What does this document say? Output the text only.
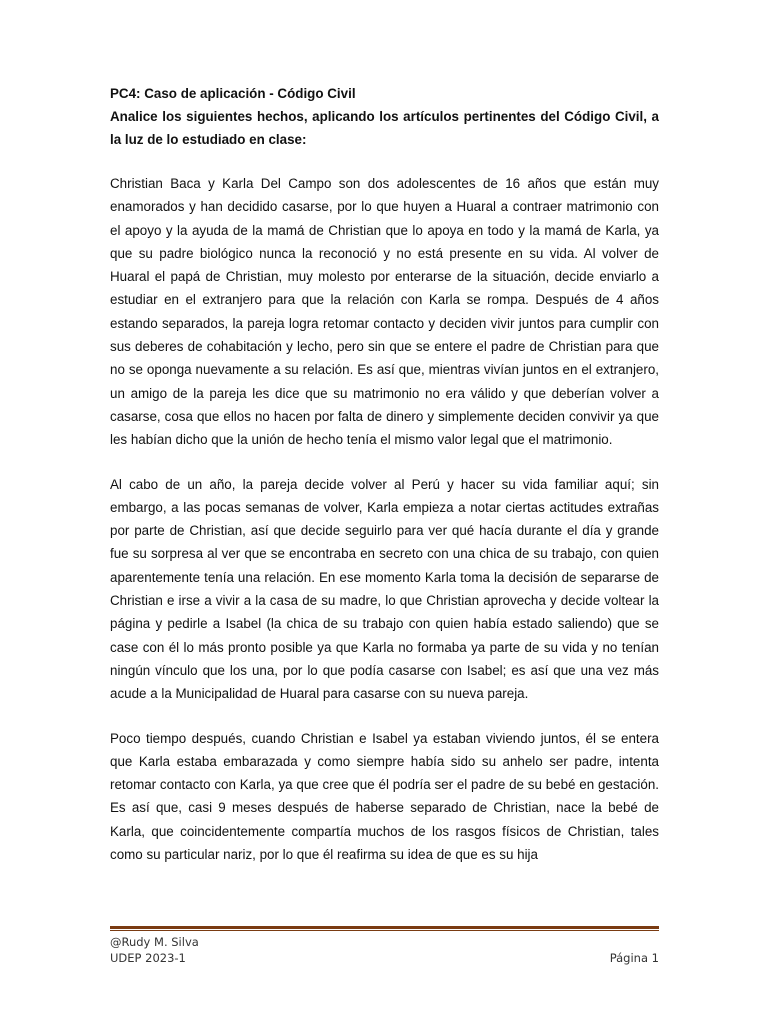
PC4: Caso de aplicación - Código Civil

Analice los siguientes hechos, aplicando los artículos pertinentes del Código Civil, a la luz de lo estudiado en clase:

Christian Baca y Karla Del Campo son dos adolescentes de 16 años que están muy enamorados y han decidido casarse, por lo que huyen a Huaral a contraer matrimonio con el apoyo y la ayuda de la mamá de Christian que lo apoya en todo y la mamá de Karla, ya que su padre biológico nunca la reconoció y no está presente en su vida. Al volver de Huaral el papá de Christian, muy molesto por enterarse de la situación, decide enviarlo a estudiar en el extranjero para que la relación con Karla se rompa. Después de 4 años estando separados, la pareja logra retomar contacto y deciden vivir juntos para cumplir con sus deberes de cohabitación y lecho, pero sin que se entere el padre de Christian para que no se oponga nuevamente a su relación. Es así que, mientras vivían juntos en el extranjero, un amigo de la pareja les dice que su matrimonio no era válido y que deberían volver a casarse, cosa que ellos no hacen por falta de dinero y simplemente deciden convivir ya que les habían dicho que la unión de hecho tenía el mismo valor legal que el matrimonio.

Al cabo de un año, la pareja decide volver al Perú y hacer su vida familiar aquí; sin embargo, a las pocas semanas de volver, Karla empieza a notar ciertas actitudes extrañas por parte de Christian, así que decide seguirlo para ver qué hacía durante el día y grande fue su sorpresa al ver que se encontraba en secreto con una chica de su trabajo, con quien aparentemente tenía una relación. En ese momento Karla toma la decisión de separarse de Christian e irse a vivir a la casa de su madre, lo que Christian aprovecha y decide voltear la página y pedirle a Isabel (la chica de su trabajo con quien había estado saliendo) que se case con él lo más pronto posible ya que Karla no formaba ya parte de su vida y no tenían ningún vínculo que los una, por lo que podía casarse con Isabel; es así que una vez más acude a la Municipalidad de Huaral para casarse con su nueva pareja.

Poco tiempo después, cuando Christian e Isabel ya estaban viviendo juntos, él se entera que Karla estaba embarazada y como siempre había sido su anhelo ser padre, intenta retomar contacto con Karla, ya que cree que él podría ser el padre de su bebé en gestación. Es así que, casi 9 meses después de haberse separado de Christian, nace la bebé de Karla, que coincidentemente compartía muchos de los rasgos físicos de Christian, tales como su particular nariz, por lo que él reafirma su idea de que es su hija

@Rudy M. Silva
UDEP 2023-1	Página 1
